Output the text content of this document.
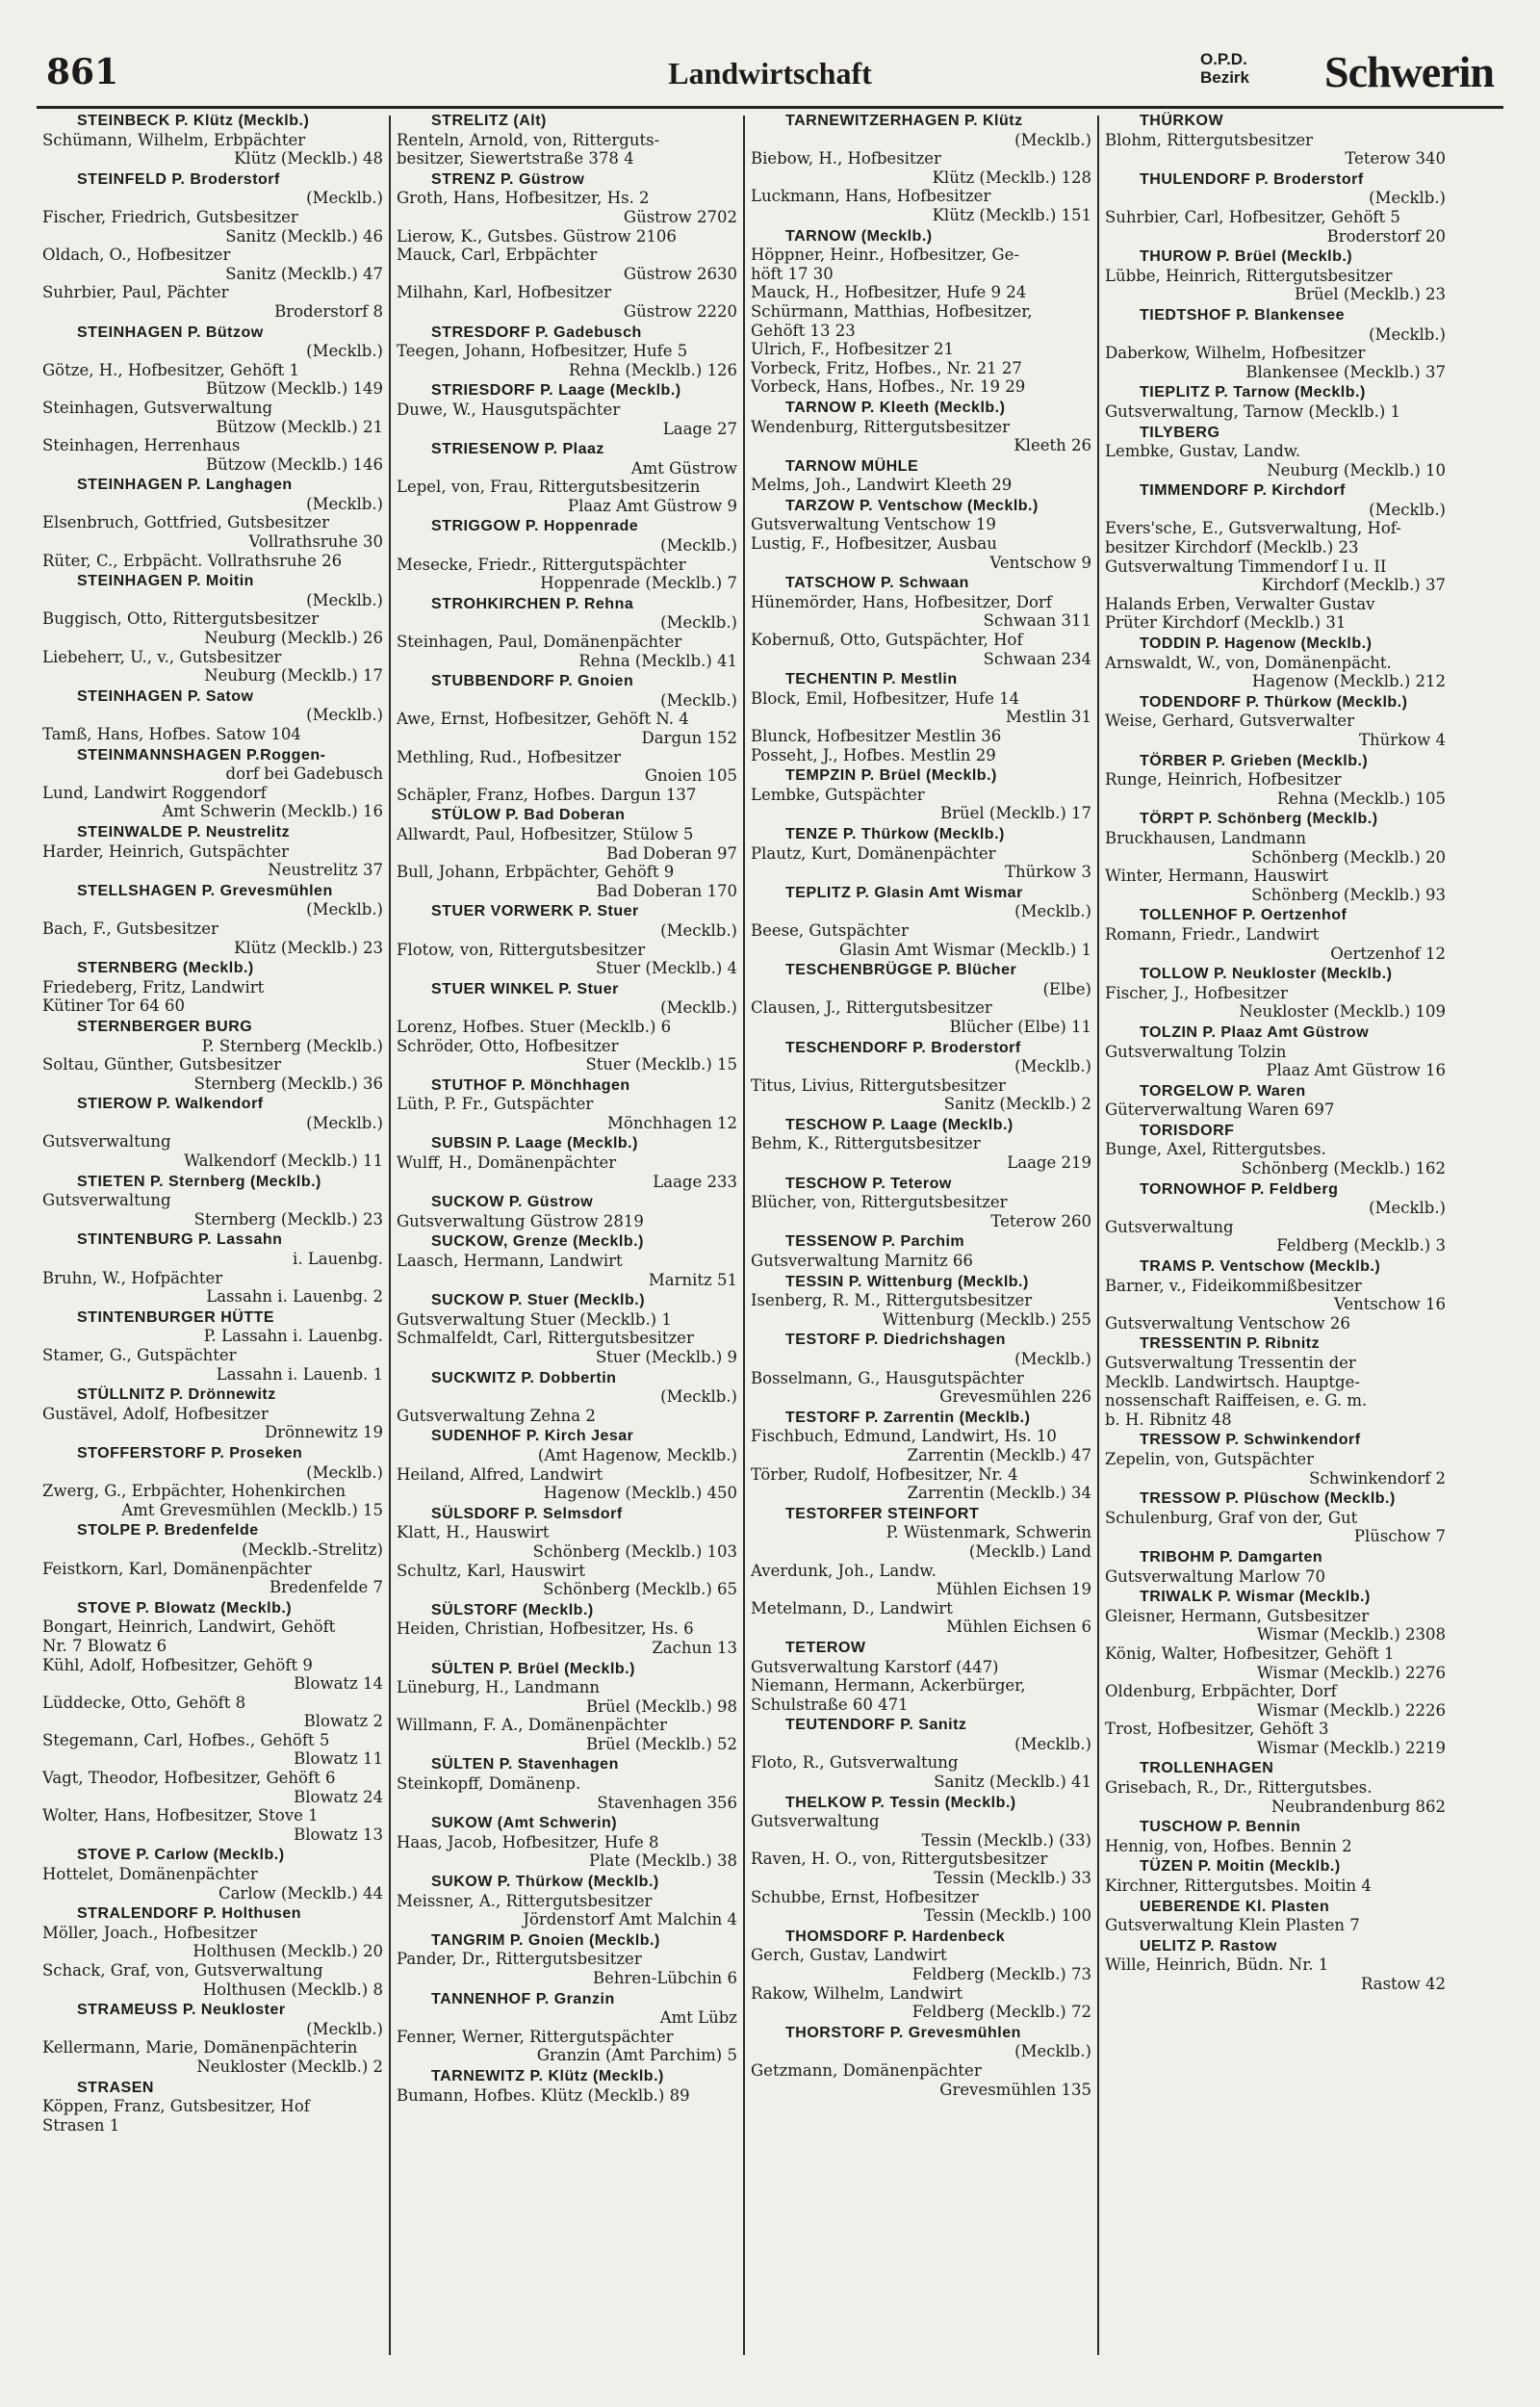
861	Landwirtschaft	O.P.D.
Bezirk Schwerin
STEINBECK P. Klütz (Mecklb.)
Schümann, Wilhelm, Erbpächter
Klütz (Mecklb.) 48
STEINFELD P. Broderstorf
(Mecklb.)
Fischer, Friedrich, Gutsbesitzer
Sanitz (Mecklb.) 46
Oldach, O., Hofbesitzer
Sanitz (Mecklb.) 47
Suhrbier, Paul, Pächter
Broderstorf 8
STEINHAGEN P. Bützow
(Mecklb.)
Götze, H., Hofbesitzer, Gehöft 1
Bützow (Mecklb.) 149
Steinhagen, Gutsverwaltung
Bützow (Mecklb.) 21
Steinhagen, Herrenhaus
Bützow (Mecklb.) 146
STEINHAGEN P. Langhagen
(Mecklb.)
Elsenbruch, Gottfried, Gutsbesitzer
Vollrathsruhe 30
Rüter, C., Erbpächt. Vollrathsruhe 26
STEINHAGEN P. Moitin
(Mecklb.)
Buggisch, Otto, Rittergutsbesitzer
Neuburg (Mecklb.) 26
Liebeherr, U., v., Gutsbesitzer
Neuburg (Mecklb.) 17
STEINHAGEN P. Satow
(Mecklb.)
Tamß, Hans, Hofbes. Satow 104
STEINMANNSHAGEN P.Roggen-
dorf bei Gadebusch
Lund, Landwirt Roggendorf
Amt Schwerin (Mecklb.) 16
STEINWALDE P. Neustrelitz
Harder, Heinrich, Gutspächter
Neustrelitz 37
STELLSHAGEN P. Grevesmühlen
(Mecklb.)
Bach, F., Gutsbesitzer
Klütz (Mecklb.) 23
STERNBERG (Mecklb.)
Friedeberg, Fritz, Landwirt
Kütiner Tor 64 60
STERNBERGER BURG
P. Sternberg (Mecklb.)
Soltau, Günther, Gutsbesitzer
Sternberg (Mecklb.) 36
STIEROW P. Walkendorf
(Mecklb.)
Gutsverwaltung
Walkendorf (Mecklb.) 11
STIETEN P. Sternberg (Mecklb.)
Gutsverwaltung
Sternberg (Mecklb.) 23
STINTENBURG P. Lassahn
i. Lauenbg.
Bruhn, W., Hofpächter
Lassahn i. Lauenbg. 2
STINTENBURGER HÜTTE
P. Lassahn i. Lauenbg.
Stamer, G., Gutspächter
Lassahn i. Lauenb. 1
STÜLLNITZ P. Drönnewitz
Gustävel, Adolf, Hofbesitzer
Drönnewitz 19
STOFFERSTORF P. Proseken
(Mecklb.)
Zwerg, G., Erbpächter, Hohenkirchen
Amt Grevesmühlen (Mecklb.) 15
STOLPE P. Bredenfelde
(Mecklb.-Strelitz)
Feistkorn, Karl, Domänenpächter
Bredenfelde 7
STOVE P. Blowatz (Mecklb.)
Bongart, Heinrich, Landwirt, Gehöft
Nr. 7 Blowatz 6
Kühl, Adolf, Hofbesitzer, Gehöft 9
Blowatz 14
Lüddecke, Otto, Gehöft 8
Blowatz 2
Stegemann, Carl, Hofbes., Gehöft 5
Blowatz 11
Vagt, Theodor, Hofbesitzer, Gehöft 6
Blowatz 24
Wolter, Hans, Hofbesitzer, Stove 1
Blowatz 13
STOVE P. Carlow (Mecklb.)
Hottelet, Domänenpächter
Carlow (Mecklb.) 44
STRALENDORF P. Holthusen
Möller, Joach., Hofbesitzer
Holthusen (Mecklb.) 20
Schack, Graf, von, Gutsverwaltung
Holthusen (Mecklb.) 8
STRAMEUSS P. Neukloster
(Mecklb.)
Kellermann, Marie, Domänenpächterin
Neukloster (Mecklb.) 2
STRASEN
Köppen, Franz, Gutsbesitzer, Hof
Strasen 1
STRELITZ (Alt)
Renteln, Arnold, von, Ritterguts-
besitzer, Siewertstraße 378 4
STRENZ P. Güstrow
Groth, Hans, Hofbesitzer, Hs. 2
Güstrow 2702
Lierow, K., Gutsbes. Güstrow 2106
Mauck, Carl, Erbpächter
Güstrow 2630
Milhahn, Karl, Hofbesitzer
Güstrow 2220
STRESDORF P. Gadebusch
Teegen, Johann, Hofbesitzer, Hufe 5
Rehna (Mecklb.) 126
STRIESDORF P. Laage (Mecklb.)
Duwe, W., Hausgutspächter
Laage 27
STRIESENOW P. Plaaz
Amt Güstrow
Lepel, von, Frau, Rittergutsbesitzerin
Plaaz Amt Güstrow 9
STRIGGOW P. Hoppenrade
(Mecklb.)
Mesecke, Friedr., Rittergutspächter
Hoppenrade (Mecklb.) 7
STROHKIRCHEN P. Rehna
(Mecklb.)
Steinhagen, Paul, Domänenpächter
Rehna (Mecklb.) 41
STUBBENDORF P. Gnoien
(Mecklb.)
Awe, Ernst, Hofbesitzer, Gehöft N. 4
Dargun 152
Methling, Rud., Hofbesitzer
Gnoien 105
Schäpler, Franz, Hofbes. Dargun 137
STÜLOW P. Bad Doberan
Allwardt, Paul, Hofbesitzer, Stülow 5
Bad Doberan 97
Bull, Johann, Erbpächter, Gehöft 9
Bad Doberan 170
STUER VORWERK P. Stuer
(Mecklb.)
Flotow, von, Rittergutsbesitzer
Stuer (Mecklb.) 4
STUER WINKEL P. Stuer
(Mecklb.)
Lorenz, Hofbes. Stuer (Mecklb.) 6
Schröder, Otto, Hofbesitzer
Stuer (Mecklb.) 15
STUTHOF P. Mönchhagen
Lüth, P. Fr., Gutspächter
Mönchhagen 12
SUBSIN P. Laage (Mecklb.)
Wulff, H., Domänenpächter
Laage 233
SUCKOW P. Güstrow
Gutsverwaltung Güstrow 2819
SUCKOW, Grenze (Mecklb.)
Laasch, Hermann, Landwirt
Marnitz 51
SUCKOW P. Stuer (Mecklb.)
Gutsverwaltung Stuer (Mecklb.) 1
Schmalfeldt, Carl, Rittergutsbesitzer
Stuer (Mecklb.) 9
SUCKWITZ P. Dobbertin
(Mecklb.)
Gutsverwaltung Zehna 2
SUDENHOF P. Kirch Jesar
(Amt Hagenow, Mecklb.)
Heiland, Alfred, Landwirt
Hagenow (Mecklb.) 450
SÜLSDORF P. Selmsdorf
Klatt, H., Hauswirt
Schönberg (Mecklb.) 103
Schultz, Karl, Hauswirt
Schönberg (Mecklb.) 65
SÜLSTORF (Mecklb.)
Heiden, Christian, Hofbesitzer, Hs. 6
Zachun 13
SÜLTEN P. Brüel (Mecklb.)
Lüneburg, H., Landmann
Brüel (Mecklb.) 98
Willmann, F. A., Domänenpächter
Brüel (Mecklb.) 52
SÜLTEN P. Stavenhagen
Steinkopff, Domänenp.
Stavenhagen 356
SUKOW (Amt Schwerin)
Haas, Jacob, Hofbesitzer, Hufe 8
Plate (Mecklb.) 38
SUKOW P. Thürkow (Mecklb.)
Meissner, A., Rittergutsbesitzer
Jördenstorf Amt Malchin 4
TANGRIM P. Gnoien (Mecklb.)
Pander, Dr., Rittergutsbesitzer
Behren-Lübchin 6
TANNENHOF P. Granzin
Amt Lübz
Fenner, Werner, Rittergutspächter
Granzin (Amt Parchim) 5
TARNEWITZ P. Klütz (Mecklb.)
Bumann, Hofbes. Klütz (Mecklb.) 89
TARNEWITZERHAGEN P. Klütz
(Mecklb.)
Biebow, H., Hofbesitzer
Klütz (Mecklb.) 128
Luckmann, Hans, Hofbesitzer
Klütz (Mecklb.) 151
TARNOW (Mecklb.)
Höppner, Heinr., Hofbesitzer, Ge-
höft 17 30
Mauck, H., Hofbesitzer, Hufe 9 24
Schürmann, Matthias, Hofbesitzer,
Gehöft 13 23
Ulrich, F., Hofbesitzer 21
Vorbeck, Fritz, Hofbes., Nr. 21 27
Vorbeck, Hans, Hofbes., Nr. 19 29
TARNOW P. Kleeth (Mecklb.)
Wendenburg, Rittergutsbesitzer
Kleeth 26
TARNOW MÜHLE
Melms, Joh., Landwirt Kleeth 29
TARZOW P. Ventschow (Mecklb.)
Gutsverwaltung Ventschow 19
Lustig, F., Hofbesitzer, Ausbau
Ventschow 9
TATSCHOW P. Schwaan
Hünemörder, Hans, Hofbesitzer, Dorf
Schwaan 311
Kobernuß, Otto, Gutspächter, Hof
Schwaan 234
TECHENTIN P. Mestlin
Block, Emil, Hofbesitzer, Hufe 14
Mestlin 31
Blunck, Hofbesitzer Mestlin 36
Posseht, J., Hofbes. Mestlin 29
TEMPZIN P. Brüel (Mecklb.)
Lembke, Gutspächter
Brüel (Mecklb.) 17
TENZE P. Thürkow (Mecklb.)
Plautz, Kurt, Domänenpächter
Thürkow 3
TEPLITZ P. Glasin Amt Wismar
(Mecklb.)
Beese, Gutspächter
Glasin Amt Wismar (Mecklb.) 1
TESCHENBRÜGGE P. Blücher
(Elbe)
Clausen, J., Rittergutsbesitzer
Blücher (Elbe) 11
TESCHENDORF P. Broderstorf
(Mecklb.)
Titus, Livius, Rittergutsbesitzer
Sanitz (Mecklb.) 2
TESCHOW P. Laage (Mecklb.)
Behm, K., Rittergutsbesitzer
Laage 219
TESCHOW P. Teterow
Blücher, von, Rittergutsbesitzer
Teterow 260
TESSENOW P. Parchim
Gutsverwaltung Marnitz 66
TESSIN P. Wittenburg (Mecklb.)
Isenberg, R. M., Rittergutsbesitzer
Wittenburg (Mecklb.) 255
TESTORF P. Diedrichshagen
(Mecklb.)
Bosselmann, G., Hausgutspächter
Grevesmühlen 226
TESTORF P. Zarrentin (Mecklb.)
Fischbuch, Edmund, Landwirt, Hs. 10
Zarrentin (Mecklb.) 47
Törber, Rudolf, Hofbesitzer, Nr. 4
Zarrentin (Mecklb.) 34
TESTORFER STEINFORT
P. Wüstenmark, Schwerin
(Mecklb.) Land
Averdunk, Joh., Landw.
Mühlen Eichsen 19
Metelmann, D., Landwirt
Mühlen Eichsen 6
TETEROW
Gutsverwaltung Karstorf (447)
Niemann, Hermann, Ackerbürger,
Schulstraße 60 471
TEUTENDORF P. Sanitz
(Mecklb.)
Floto, R., Gutsverwaltung
Sanitz (Mecklb.) 41
THELKOW P. Tessin (Mecklb.)
Gutsverwaltung
Tessin (Mecklb.) (33)
Raven, H. O., von, Rittergutsbesitzer
Tessin (Mecklb.) 33
Schubbe, Ernst, Hofbesitzer
Tessin (Mecklb.) 100
THOMSDORF P. Hardenbeck
Gerch, Gustav, Landwirt
Feldberg (Mecklb.) 73
Rakow, Wilhelm, Landwirt
Feldberg (Mecklb.) 72
THORSTORF P. Grevesmühlen
(Mecklb.)
Getzmann, Domänenpächter
Grevesmühlen 135
THÜRKOW
Blohm, Rittergutsbesitzer
Teterow 340
THULENDORF P. Broderstorf
(Mecklb.)
Suhrbier, Carl, Hofbesitzer, Gehöft 5
Broderstorf 20
THUROW P. Brüel (Mecklb.)
Lübbe, Heinrich, Rittergutsbesitzer
Brüel (Mecklb.) 23
TIEDTSHOF P. Blankensee
(Mecklb.)
Daberkow, Wilhelm, Hofbesitzer
Blankensee (Mecklb.) 37
TIEPLITZ P. Tarnow (Mecklb.)
Gutsverwaltung, Tarnow (Mecklb.) 1
TILYBERG
Lembke, Gustav, Landw.
Neuburg (Mecklb.) 10
TIMMENDORF P. Kirchdorf
(Mecklb.)
Evers'sche, E., Gutsverwaltung, Hof-
besitzer Kirchdorf (Mecklb.) 23
Gutsverwaltung Timmendorf I u. II
Kirchdorf (Mecklb.) 37
Halands Erben, Verwalter Gustav
Prüter Kirchdorf (Mecklb.) 31
TODDIN P. Hagenow (Mecklb.)
Arnswaldt, W., von, Domänenpächt.
Hagenow (Mecklb.) 212
TODENDORF P. Thürkow (Mecklb.)
Weise, Gerhard, Gutsverwalter
Thürkow 4
TÖRBER P. Grieben (Mecklb.)
Runge, Heinrich, Hofbesitzer
Rehna (Mecklb.) 105
TÖRPT P. Schönberg (Mecklb.)
Bruckhausen, Landmann
Schönberg (Mecklb.) 20
Winter, Hermann, Hauswirt
Schönberg (Mecklb.) 93
TOLLENHOF P. Oertzenhof
Romann, Friedr., Landwirt
Oertzenhof 12
TOLLOW P. Neukloster (Mecklb.)
Fischer, J., Hofbesitzer
Neukloster (Mecklb.) 109
TOLZIN P. Plaaz Amt Güstrow
Gutsverwaltung Tolzin
Plaaz Amt Güstrow 16
TORGELOW P. Waren
Güterverwaltung Waren 697
TORISDORF
Bunge, Axel, Rittergutsbes.
Schönberg (Mecklb.) 162
TORNOWHOF P. Feldberg
(Mecklb.)
Gutsverwaltung
Feldberg (Mecklb.) 3
TRAMS P. Ventschow (Mecklb.)
Barner, v., Fideikommißbesitzer
Ventschow 16
Gutsverwaltung Ventschow 26
TRESSENTIN P. Ribnitz
Gutsverwaltung Tressentin der
Mecklb. Landwirtsch. Hauptge-
nossenschaft Raiffeisen, e. G. m.
b. H. Ribnitz 48
TRESSOW P. Schwinkendorf
Zepelin, von, Gutspächter
Schwinkendorf 2
TRESSOW P. Plüschow (Mecklb.)
Schulenburg, Graf von der, Gut
Plüschow 7
TRIBOHM P. Damgarten
Gutsverwaltung Marlow 70
TRIWALK P. Wismar (Mecklb.)
Gleisner, Hermann, Gutsbesitzer
Wismar (Mecklb.) 2308
König, Walter, Hofbesitzer, Gehöft 1
Wismar (Mecklb.) 2276
Oldenburg, Erbpächter, Dorf
Wismar (Mecklb.) 2226
Trost, Hofbesitzer, Gehöft 3
Wismar (Mecklb.) 2219
TROLLENHAGEN
Grisebach, R., Dr., Rittergutsbes.
Neubrandenburg 862
TUSCHOW P. Bennin
Hennig, von, Hofbes. Bennin 2
TÜZEN P. Moitin (Mecklb.)
Kirchner, Rittergutsbes. Moitin 4
UEBERENDE Kl. Plasten
Gutsverwaltung Klein Plasten 7
UELITZ P. Rastow
Wille, Heinrich, Büdn. Nr. 1
Rastow 42
